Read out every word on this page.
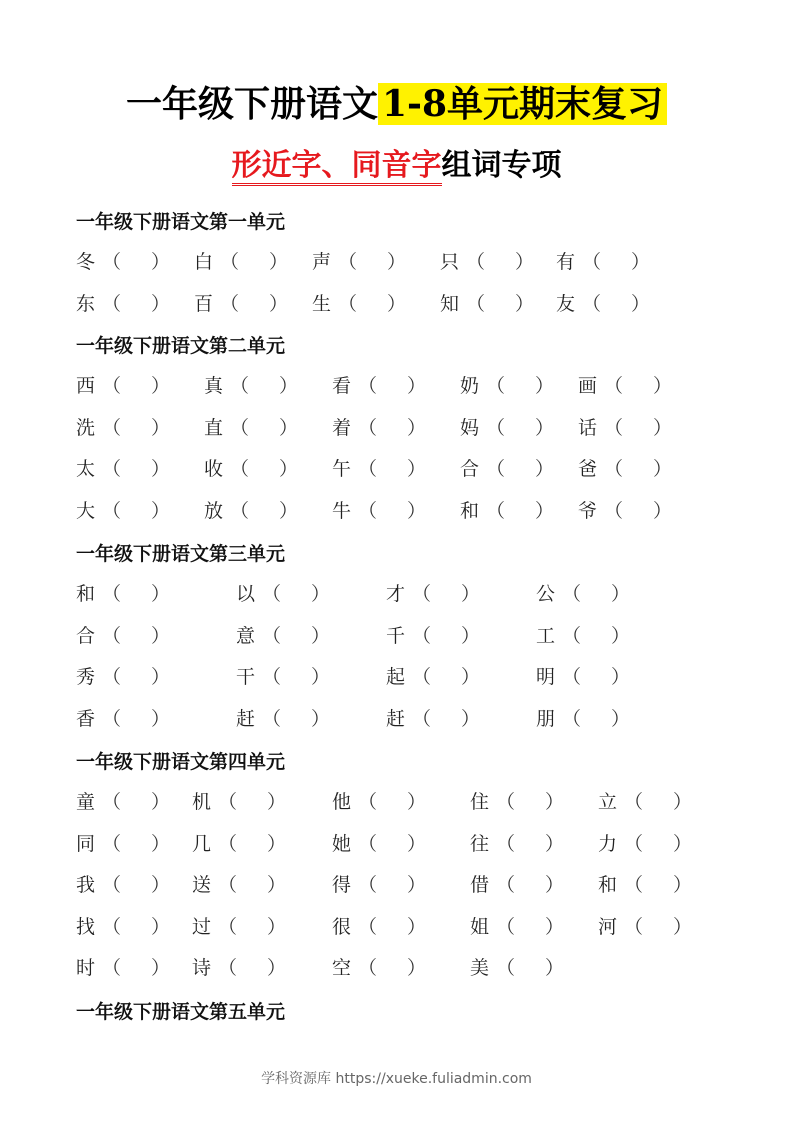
一年级下册语文 1-8单元期末复习
形近字、同音字组词专项
一年级下册语文第一单元
冬 （ ） 白 （ ） 声 （ ） 只 （ ） 有 （ ）
东 （ ） 百 （ ） 生 （ ） 知 （ ） 友 （ ）
一年级下册语文第二单元
西 （ ） 真 （ ） 看 （ ） 奶 （ ） 画 （ ）
洗 （ ） 直 （ ） 着 （ ） 妈 （ ） 话 （ ）
太 （ ） 收 （ ） 午 （ ） 合 （ ） 爸 （ ）
大 （ ） 放 （ ） 牛 （ ） 和 （ ） 爷 （ ）
一年级下册语文第三单元
和 （ ）	以 （ ）	才 （ ）	公 （ ）
合 （ ）	意 （ ）	千 （ ）	工 （ ）
秀 （ ）	干 （ ）	起 （ ）	明 （ ）
香 （ ）	赶 （ ）	赶 （ ）	朋 （ ）
一年级下册语文第四单元
童 （ ） 机 （ ） 他 （ ） 住 （ ） 立 （ ）
同 （ ） 几 （ ） 她 （ ） 往 （ ） 力 （ ）
我 （ ） 送 （ ） 得 （ ） 借 （ ） 和 （ ）
找 （ ） 过 （ ） 很 （ ） 姐 （ ） 河 （ ）
时 （ ） 诗 （ ） 空 （ ） 美 （ ）
一年级下册语文第五单元
学科资源库 https://xueke.fuliadmin.com
